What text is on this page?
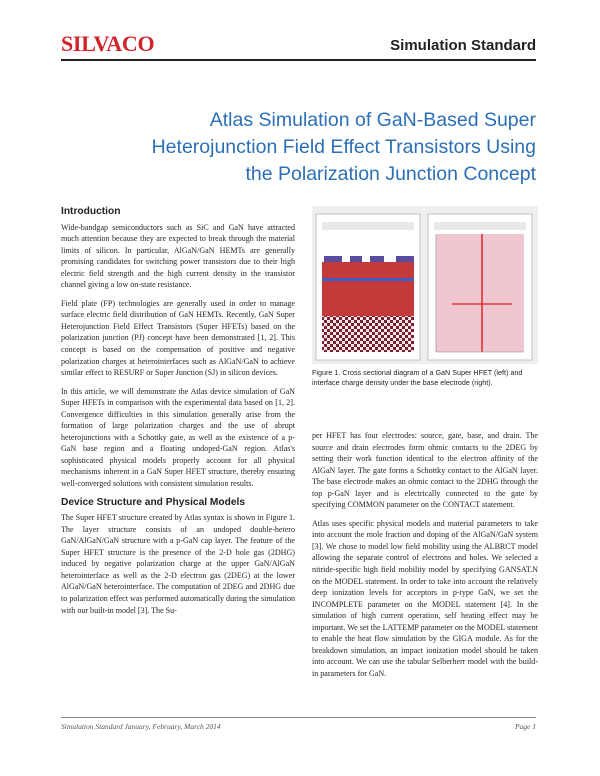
SILVACO	Simulation Standard
Atlas Simulation of GaN-Based Super
Heterojunction Field Effect Transistors Using
the Polarization Junction Concept
Introduction

Wide-bandgap semiconductors such as SiC and GaN have attracted much attention because they are expected to break through the material limits of silicon. In particular, AlGaN/GaN HEMTs are generally promising candidates for switching power transistors due to their high electric field strength and the high current density in the transistor channel giving a low on-state resistance.

Field plate (FP) technologies are generally used in order to manage surface electric field distribution of GaN HEMTs. Recently, GaN Super Heterojunction Field Effect Transistors (Super HFETs) based on the polarization junction (PJ) concept have been demonstrated [1, 2]. This concept is based on the compensation of positive and negative polarization charges at heterointerfaces such as AlGaN/GaN to achieve similar effect to RESURF or Super Junction (SJ) in silicon devices.

In this article, we will demonstrate the Atlas device simulation of GaN Super HFETs in comparison with the experimental data based on [1, 2]. Convergence difficulties in this simulation generally arise from the formation of large polarization charges and the use of abrupt heterojunctions with a Schottky gate, as well as the existence of a p-GaN base region and a floating undoped-GaN region. Atlas's sophisticated physical models properly account for all physical mechanisms inherent in a GaN Super HFET structure, thereby ensuring well-converged solutions with consistent simulation results.

Device Structure and Physical Models

The Super HFET structure created by Atlas syntax is shown in Figure 1. The layer structure consists of an undoped double-hetero GaN/AlGaN/GaN structure with a p-GaN cap layer. The feature of the Super HFET structure is the presence of the 2-D hole gas (2DHG) induced by negative polarization charge at the upper GaN/AlGaN heterointerface as well as the 2-D electron gas (2DEG) at the lower AlGaN/GaN heterointerface. The computation of 2DEG and 2DHG due to polarization effect was performed automatically during the simulation with our built-in model [3]. The Su-

Figure 1. Cross sectional diagram of a GaN Super HFET (left) and interface charge density under the base electrode (right).

per HFET has four electrodes: source, gate, base, and drain. The source and drain electrodes form ohmic contacts to the 2DEG by setting their work function identical to the electron affinity of the AlGaN layer. The gate forms a Schottky contact to the AlGaN layer. The base electrode makes an ohmic contact to the 2DHG through the top p-GaN layer and is electrically connected to the gate by specifying COMMON parameter on the CONTACT statement.

Atlas uses specific physical models and material parameters to take into account the mole fraction and doping of the AlGaN/GaN system [3]. We chose to model low field mobility using the ALBRCT model allowing the separate control of electrons and holes. We selected a nitride-specific high field mobility model by specifying GANSAT.N on the MODEL statement. In order to take into account the relatively deep ionization levels for acceptors in p-type GaN, we set the INCOMPLETE parameter on the MODEL statement [4]. In the simulation of high current operation, self heating effect may be important. We set the LATTEMP parameter on the MODEL statement to enable the heat flow simulation by the GIGA module. As for the breakdown simulation, an impact ionization model should be taken into account. We can use the tabular Selberherr model with the build-in parameters for GaN.

Simulation Standard January, February, March 2014	Page 1
